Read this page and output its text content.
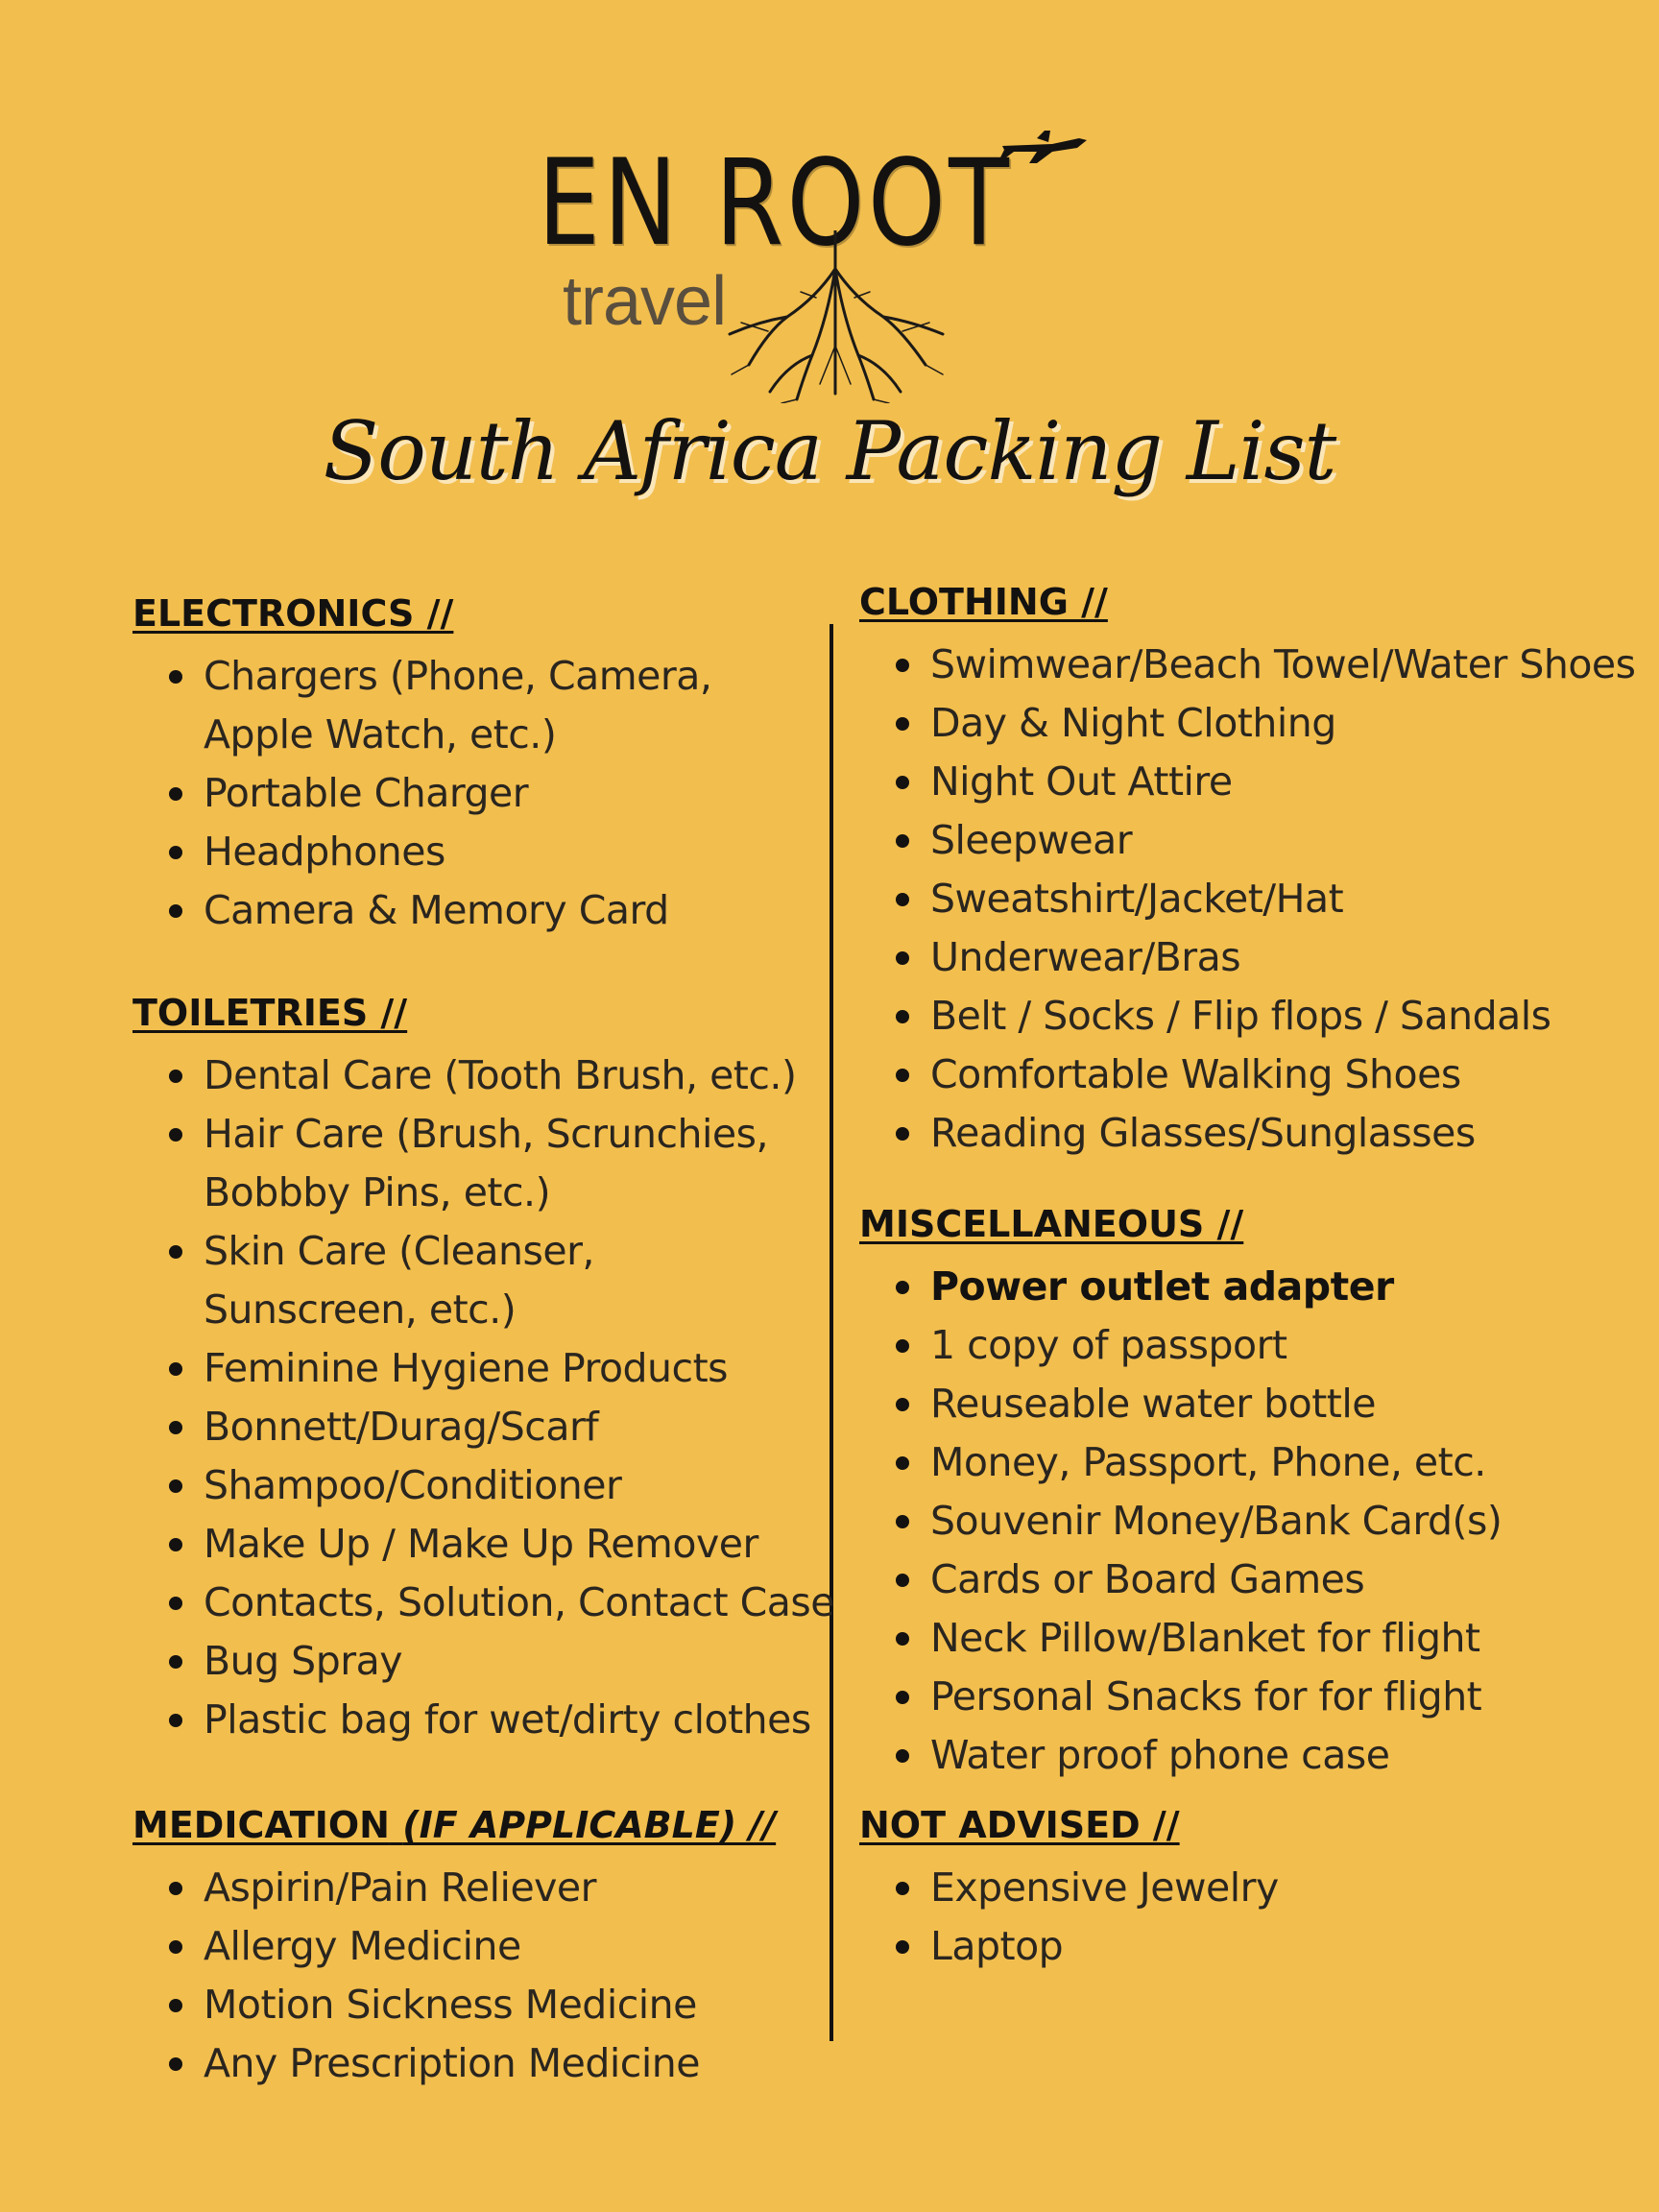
EN ROOT
travel
South Africa Packing List
ELECTRONICS //
Chargers (Phone, Camera,
Apple Watch, etc.)
Portable Charger
Headphones
Camera & Memory Card
TOILETRIES //
Dental Care (Tooth Brush, etc.)
Hair Care (Brush, Scrunchies,
Bobbby Pins, etc.)
Skin Care (Cleanser,
Sunscreen, etc.)
Feminine Hygiene Products
Bonnett/Durag/Scarf
Shampoo/Conditioner
Make Up / Make Up Remover
Contacts, Solution, Contact Case
Bug Spray
Plastic bag for wet/dirty clothes
MEDICATION (IF APPLICABLE) //
Aspirin/Pain Reliever
Allergy Medicine
Motion Sickness Medicine
Any Prescription Medicine
CLOTHING //
Swimwear/Beach Towel/Water Shoes
Day & Night Clothing
Night Out Attire
Sleepwear
Sweatshirt/Jacket/Hat
Underwear/Bras
Belt / Socks / Flip flops / Sandals
Comfortable Walking Shoes
Reading Glasses/Sunglasses
MISCELLANEOUS //
Power outlet adapter
1 copy of passport
Reuseable water bottle
Money, Passport, Phone, etc.
Souvenir Money/Bank Card(s)
Cards or Board Games
Neck Pillow/Blanket for flight
Personal Snacks for for flight
Water proof phone case
NOT ADVISED //
Expensive Jewelry
Laptop
